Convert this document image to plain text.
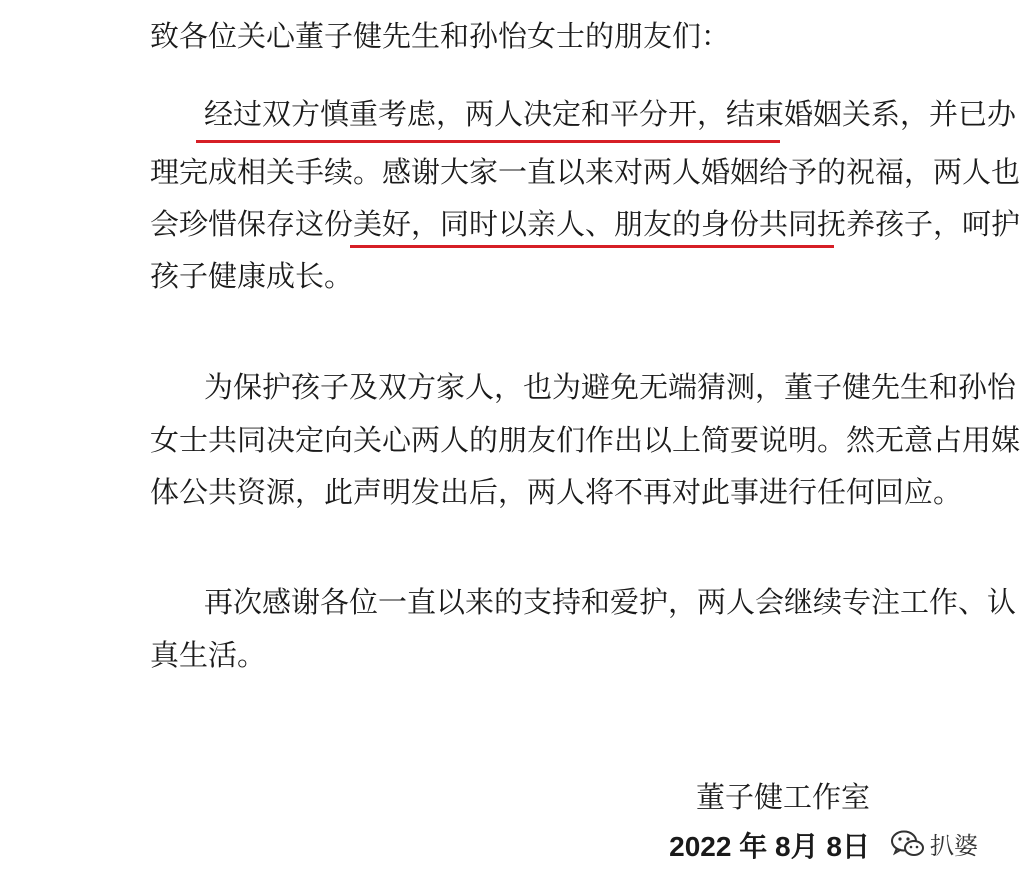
致各位关心董子健先生和孙怡女士的朋友们：
经过双方慎重考虑，两人决定和平分开，结束婚姻关系，并已办
理完成相关手续。感谢大家一直以来对两人婚姻给予的祝福，两人也
会珍惜保存这份美好，同时以亲人、朋友的身份共同抚养孩子，呵护
孩子健康成长。
为保护孩子及双方家人，也为避免无端猜测，董子健先生和孙怡
女士共同决定向关心两人的朋友们作出以上简要说明。然无意占用媒
体公共资源，此声明发出后，两人将不再对此事进行任何回应。
再次感谢各位一直以来的支持和爱护，两人会继续专注工作、认
真生活。
董子健工作室
2022 年 8月 8日	扒婆
